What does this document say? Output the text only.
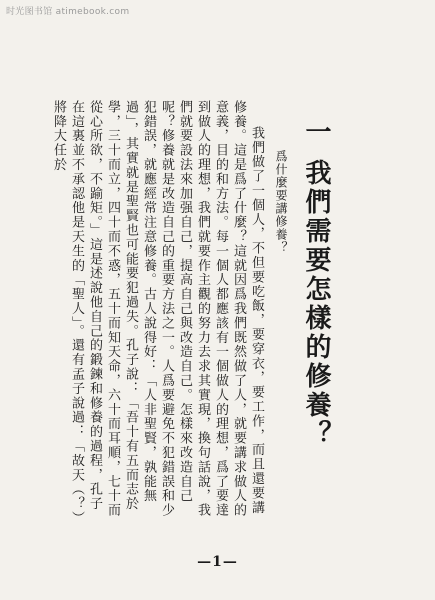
时光图书馆 atimebook.com
一 我們需要怎樣的修養？
爲什麼要講修養？

我們做了一個人，不但要吃飯，要穿衣，要工作，而且還要講修養。這是爲了什麼？這就因爲我們既然做了人，就要講求做人的意義，目的和方法。每一個人都應該有一個做人的理想，爲了要達到做人的理想，我們就要作主觀的努力去求其實現，換句話說，我們就要設法來加强自己，提高自己與改造自己。怎樣來改造自己呢？修養就是改造自己的重要方法之一。人爲要避免不犯錯誤和少犯錯誤，就應經常注意修養。古人說得好：「人非聖賢，孰能無過」，其實就是聖賢也可能要犯過失。孔子說：「吾十有五而志於學，三十而立，四十而不惑，五十而知天命，六十而耳順，七十而從心所欲，不踰矩。」這是述說他自己的鍛鍊和修養的過程，孔子在這裏並不承認他是天生的「聖人」。還有孟子說過：「故天（？）將降大任於

—1—
